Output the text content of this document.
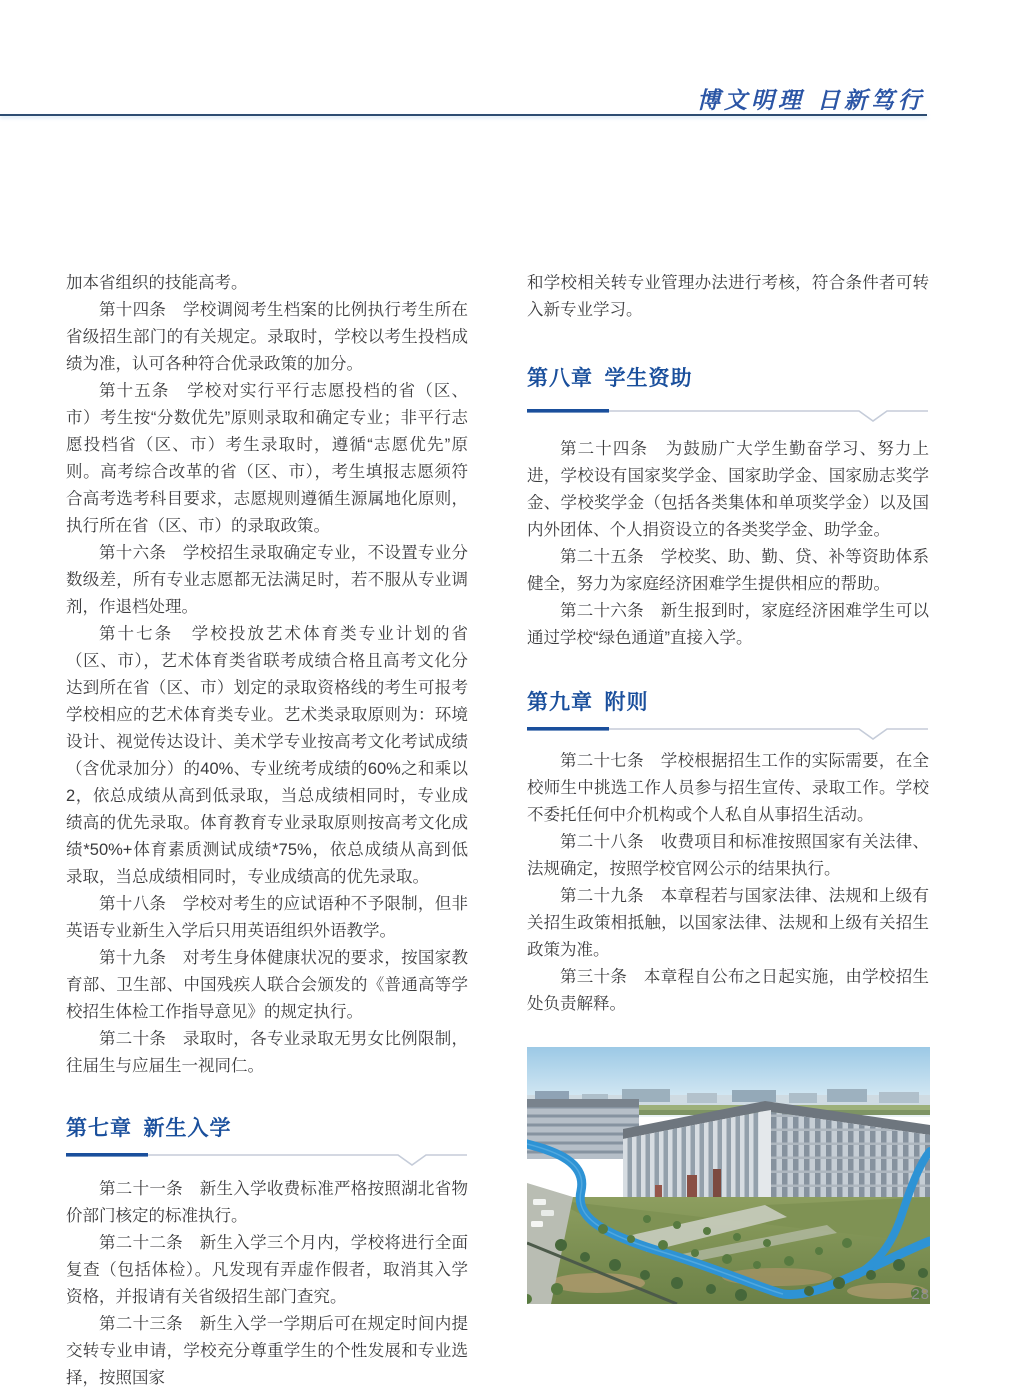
博文明理 日新笃行

加本省组织的技能高考。

第十四条　学校调阅考生档案的比例执行考生所在省级招生部门的有关规定。录取时，学校以考生投档成绩为准，认可各种符合优录政策的加分。

第十五条　学校对实行平行志愿投档的省（区、市）考生按“分数优先”原则录取和确定专业；非平行志愿投档省（区、市）考生录取时，遵循“志愿优先”原则。高考综合改革的省（区、市），考生填报志愿须符合高考选考科目要求，志愿规则遵循生源属地化原则，执行所在省（区、市）的录取政策。

第十六条　学校招生录取确定专业，不设置专业分数级差，所有专业志愿都无法满足时，若不服从专业调剂，作退档处理。

第十七条　学校投放艺术体育类专业计划的省（区、市），艺术体育类省联考成绩合格且高考文化分达到所在省（区、市）划定的录取资格线的考生可报考学校相应的艺术体育类专业。艺术类录取原则为：环境设计、视觉传达设计、美术学专业按高考文化考试成绩（含优录加分）的40%、专业统考成绩的60%之和乘以2，依总成绩从高到低录取，当总成绩相同时，专业成绩高的优先录取。体育教育专业录取原则按高考文化成绩*50%+体育素质测试成绩*75%，依总成绩从高到低录取，当总成绩相同时，专业成绩高的优先录取。

第十八条　学校对考生的应试语种不予限制，但非英语专业新生入学后只用英语组织外语教学。

第十九条　对考生身体健康状况的要求，按国家教育部、卫生部、中国残疾人联合会颁发的《普通高等学校招生体检工作指导意见》的规定执行。

第二十条　录取时，各专业录取无男女比例限制，往届生与应届生一视同仁。

第七章 新生入学

第二十一条　新生入学收费标准严格按照湖北省物价部门核定的标准执行。

第二十二条　新生入学三个月内，学校将进行全面复查（包括体检）。凡发现有弄虚作假者，取消其入学资格，并报请有关省级招生部门查究。

第二十三条　新生入学一学期后可在规定时间内提交转专业申请，学校充分尊重学生的个性发展和专业选择，按照国家

和学校相关转专业管理办法进行考核，符合条件者可转入新专业学习。

第八章 学生资助

第二十四条　为鼓励广大学生勤奋学习、努力上进，学校设有国家奖学金、国家助学金、国家励志奖学金、学校奖学金（包括各类集体和单项奖学金）以及国内外团体、个人捐资设立的各类奖学金、助学金。

第二十五条　学校奖、助、勤、贷、补等资助体系健全，努力为家庭经济困难学生提供相应的帮助。

第二十六条　新生报到时，家庭经济困难学生可以通过学校“绿色通道”直接入学。

第九章 附则

第二十七条　学校根据招生工作的实际需要，在全校师生中挑选工作人员参与招生宣传、录取工作。学校不委托任何中介机构或个人私自从事招生活动。

第二十八条　收费项目和标准按照国家有关法律、法规确定，按照学校官网公示的结果执行。

第二十九条　本章程若与国家法律、法规和上级有关招生政策相抵触，以国家法律、法规和上级有关招生政策为准。

第三十条　本章程自公布之日起实施，由学校招生处负责解释。

28
